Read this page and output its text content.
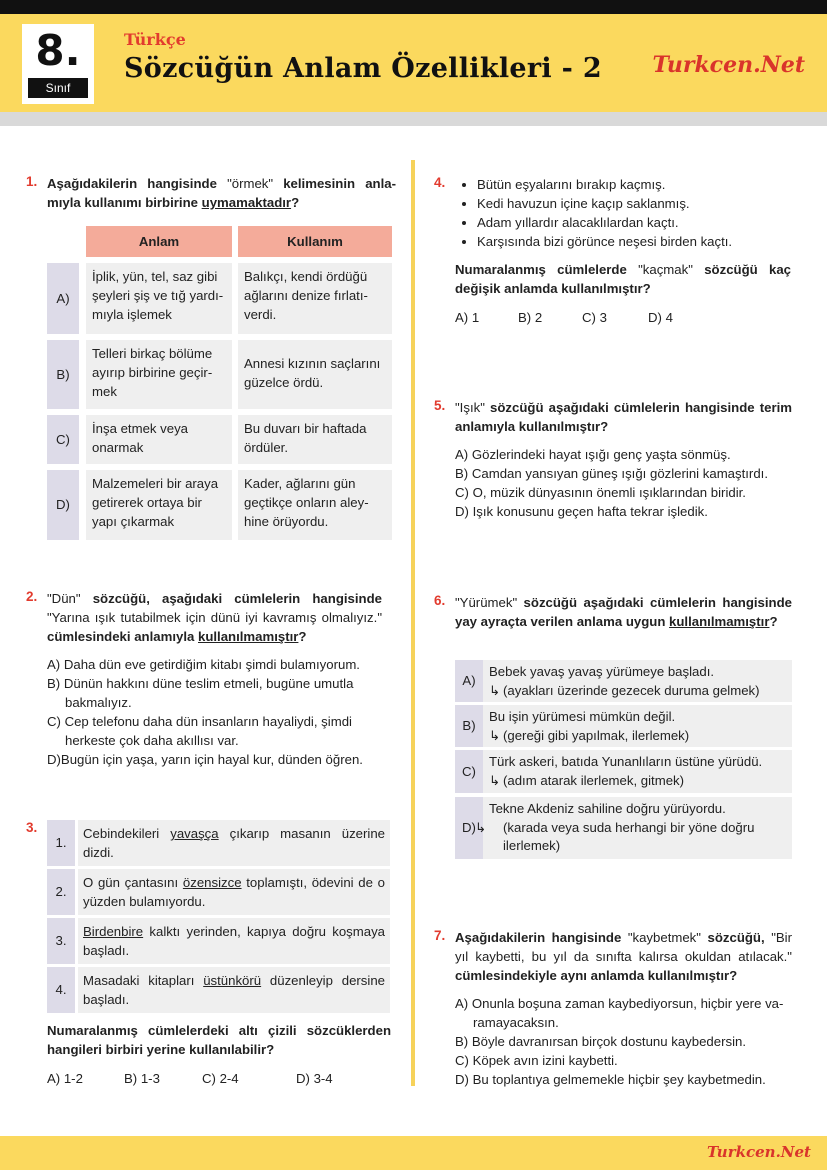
8.
Sınıf
Türkçe
Sözcüğün Anlam Özellikleri - 2 Turkcen.Net
1. Aşağıdakilerin hangisinde "örmek" kelimesinin anlamıyla kullanımı birbirine uymamaktadır?
Anlam	Kullanım
A)
İplik, yün, tel, saz gibi şeyleri şiş ve tığ yardımıyla işlemek
Balıkçı, kendi ördüğü ağlarını denize fırlatıverdi.
B)
Telleri birkaç bölüme ayırıp birbirine geçirmek
Annesi kızının saçlarını güzelce ördü.
C)
İnşa etmek veya onarmak
Bu duvarı bir haftada ördüler.
D)
Malzemeleri bir araya getirerek ortaya bir yapı çıkarmak
Kader, ağlarını gün geçtikçe onların aleyhine örüyordu.
2. "Dün" sözcüğü, aşağıdaki cümlelerin hangisinde "Yarına ışık tutabilmek için dünü iyi kavramış olmalıyız." cümlesindeki anlamıyla kullanılmamıştır?
A) Daha dün eve getirdiğim kitabı şimdi bulamıyorum.
B) Dünün hakkını düne teslim etmeli, bugüne umutla bakmalıyız.
C) Cep telefonu daha dün insanların hayaliydi, şimdi herkeste çok daha akıllısı var.
D)Bugün için yaşa, yarın için hayal kur, dünden öğren.
3.
1.
Cebindekileri yavaşça çıkarıp masanın üzerine dizdi.
2.
O gün çantasını özensizce toplamıştı, ödevini de o yüzden bulamıyordu.
3.
Birdenbire kalktı yerinden, kapıya doğru koşmaya başladı.
4.
Masadaki kitapları üstünkörü düzenleyip dersine başladı.
Numaralanmış cümlelerdeki altı çizili sözcüklerden hangileri birbiri yerine kullanılabilir?
A) 1-2	B) 1-3	C) 2-4	D) 3-4
4.
• Bütün eşyalarını bırakıp kaçmış.
• Kedi havuzun içine kaçıp saklanmış.
• Adam yıllardır alacaklılardan kaçtı.
• Karşısında bizi görünce neşesi birden kaçtı.
Numaralanmış cümlelerde "kaçmak" sözcüğü kaç değişik anlamda kullanılmıştır?
A) 1	B) 2	C) 3	D) 4
5. "Işık" sözcüğü aşağıdaki cümlelerin hangisinde terim anlamıyla kullanılmıştır?
A) Gözlerindeki hayat ışığı genç yaşta sönmüş.
B) Camdan yansıyan güneş ışığı gözlerini kamaştırdı.
C) O, müzik dünyasının önemli ışıklarından biridir.
D) Işık konusunu geçen hafta tekrar işledik.
6. "Yürümek" sözcüğü aşağıdaki cümlelerin hangisinde yay ayraçta verilen anlama uygun kullanılmamıştır?
A)
Bebek yavaş yavaş yürümeye başladı.
↳ (ayakları üzerinde gezecek duruma gelmek)
B)
Bu işin yürümesi mümkün değil.
↳ (gereği gibi yapılmak, ilerlemek)
C)
Türk askeri, batıda Yunanlıların üstüne yürüdü.
↳ (adım atarak ilerlemek, gitmek)
D)
Tekne Akdeniz sahiline doğru yürüyordu.
↳ (karada veya suda herhangi bir yöne doğru ilerlemek)
7. Aşağıdakilerin hangisinde "kaybetmek" sözcüğü, "Bir yıl kaybetti, bu yıl da sınıfta kalırsa okuldan atılacak." cümlesindekiyle aynı anlamda kullanılmıştır?
A) Onunla boşuna zaman kaybediyorsun, hiçbir yere varamayacaksın.
B) Böyle davranırsan birçok dostunu kaybedersin.
C) Köpek avın izini kaybetti.
D) Bu toplantıya gelmemekle hiçbir şey kaybetmedin.
Turkcen.Net
